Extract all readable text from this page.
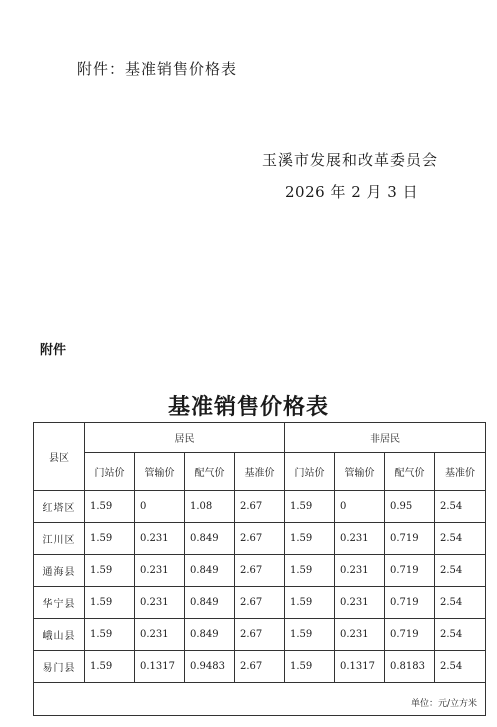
附件：基准销售价格表
玉溪市发展和改革委员会
2026 年 2 月 3 日
附件
基准销售价格表
县区	居民				非居民			
	门站价	管输价	配气价	基准价	门站价	管输价	配气价	基准价
红塔区	1.59	0	1.08	2.67	1.59	0	0.95	2.54
江川区	1.59	0.231	0.849	2.67	1.59	0.231	0.719	2.54
通海县	1.59	0.231	0.849	2.67	1.59	0.231	0.719	2.54
华宁县	1.59	0.231	0.849	2.67	1.59	0.231	0.719	2.54
峨山县	1.59	0.231	0.849	2.67	1.59	0.231	0.719	2.54
易门县	1.59	0.1317	0.9483	2.67	1.59	0.1317	0.8183	2.54
单位：元/立方米								
